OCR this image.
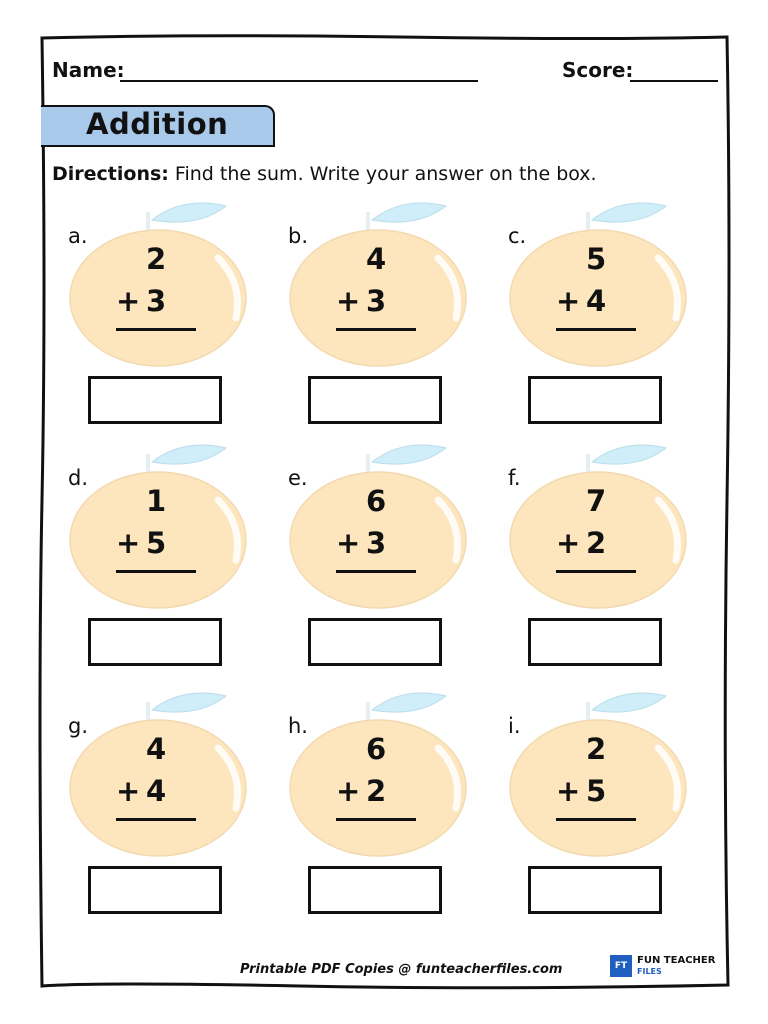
Name:	Score:
Addition
Directions: Find the sum. Write your answer on the box.
a.
2
+ 3
b.
4
+ 3
c.
5
+ 4
d.
1
+ 5
e.
6
+ 3
f.
7
+ 2
g.
4
+ 4
h.
6
+ 2
i.
2
+ 5
Printable PDF Copies @ funteacherfiles.com	FT FUN TEACHER
FILES
